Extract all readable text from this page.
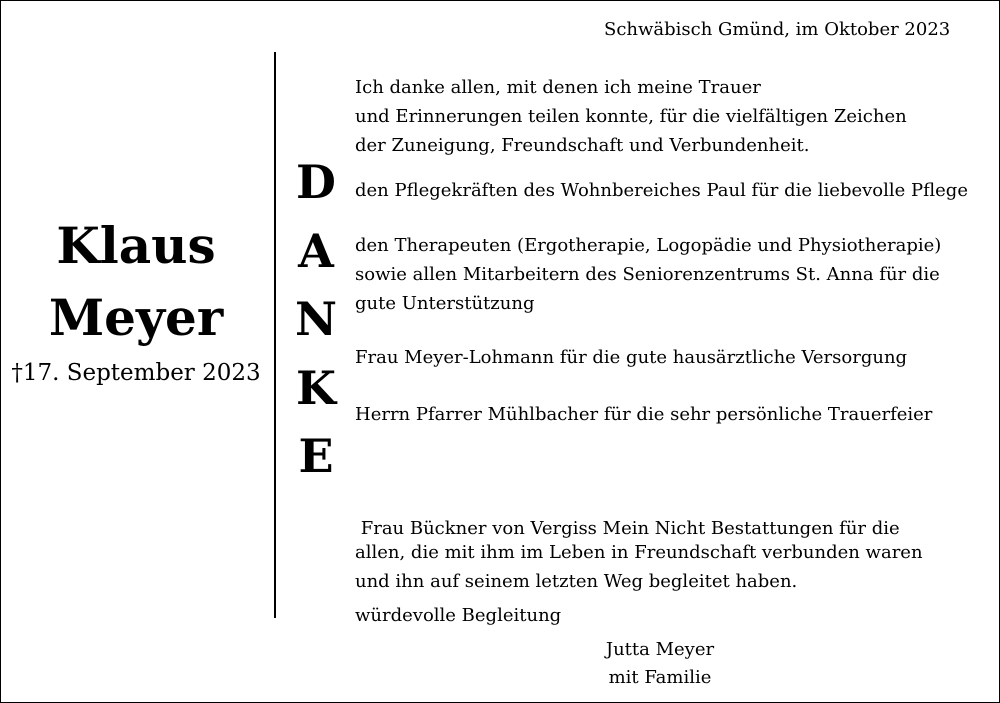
Schwäbisch Gmünd, im Oktober 2023
Klaus
Meyer
†17. September 2023
D
A
N
K
E
Ich danke allen, mit denen ich meine Trauer
und Erinnerungen teilen konnte, für die vielfältigen Zeichen
der Zuneigung, Freundschaft und Verbundenheit.
den Pflegekräften des Wohnbereiches Paul für die liebevolle Pflege
den Therapeuten (Ergotherapie, Logopädie und Physiotherapie)
sowie allen Mitarbeitern des Seniorenzentrums St. Anna für die
gute Unterstützung
Frau Meyer-Lohmann für die gute hausärztliche Versorgung
Herrn Pfarrer Mühlbacher für die sehr persönliche Trauerfeier

Frau Bückner von Vergiss Mein Nicht Bestattungen für die

würdevolle Begleitung

allen, die mit ihm im Leben in Freundschaft verbunden waren
und ihn auf seinem letzten Weg begleitet haben.
Jutta Meyer
mit Familie
